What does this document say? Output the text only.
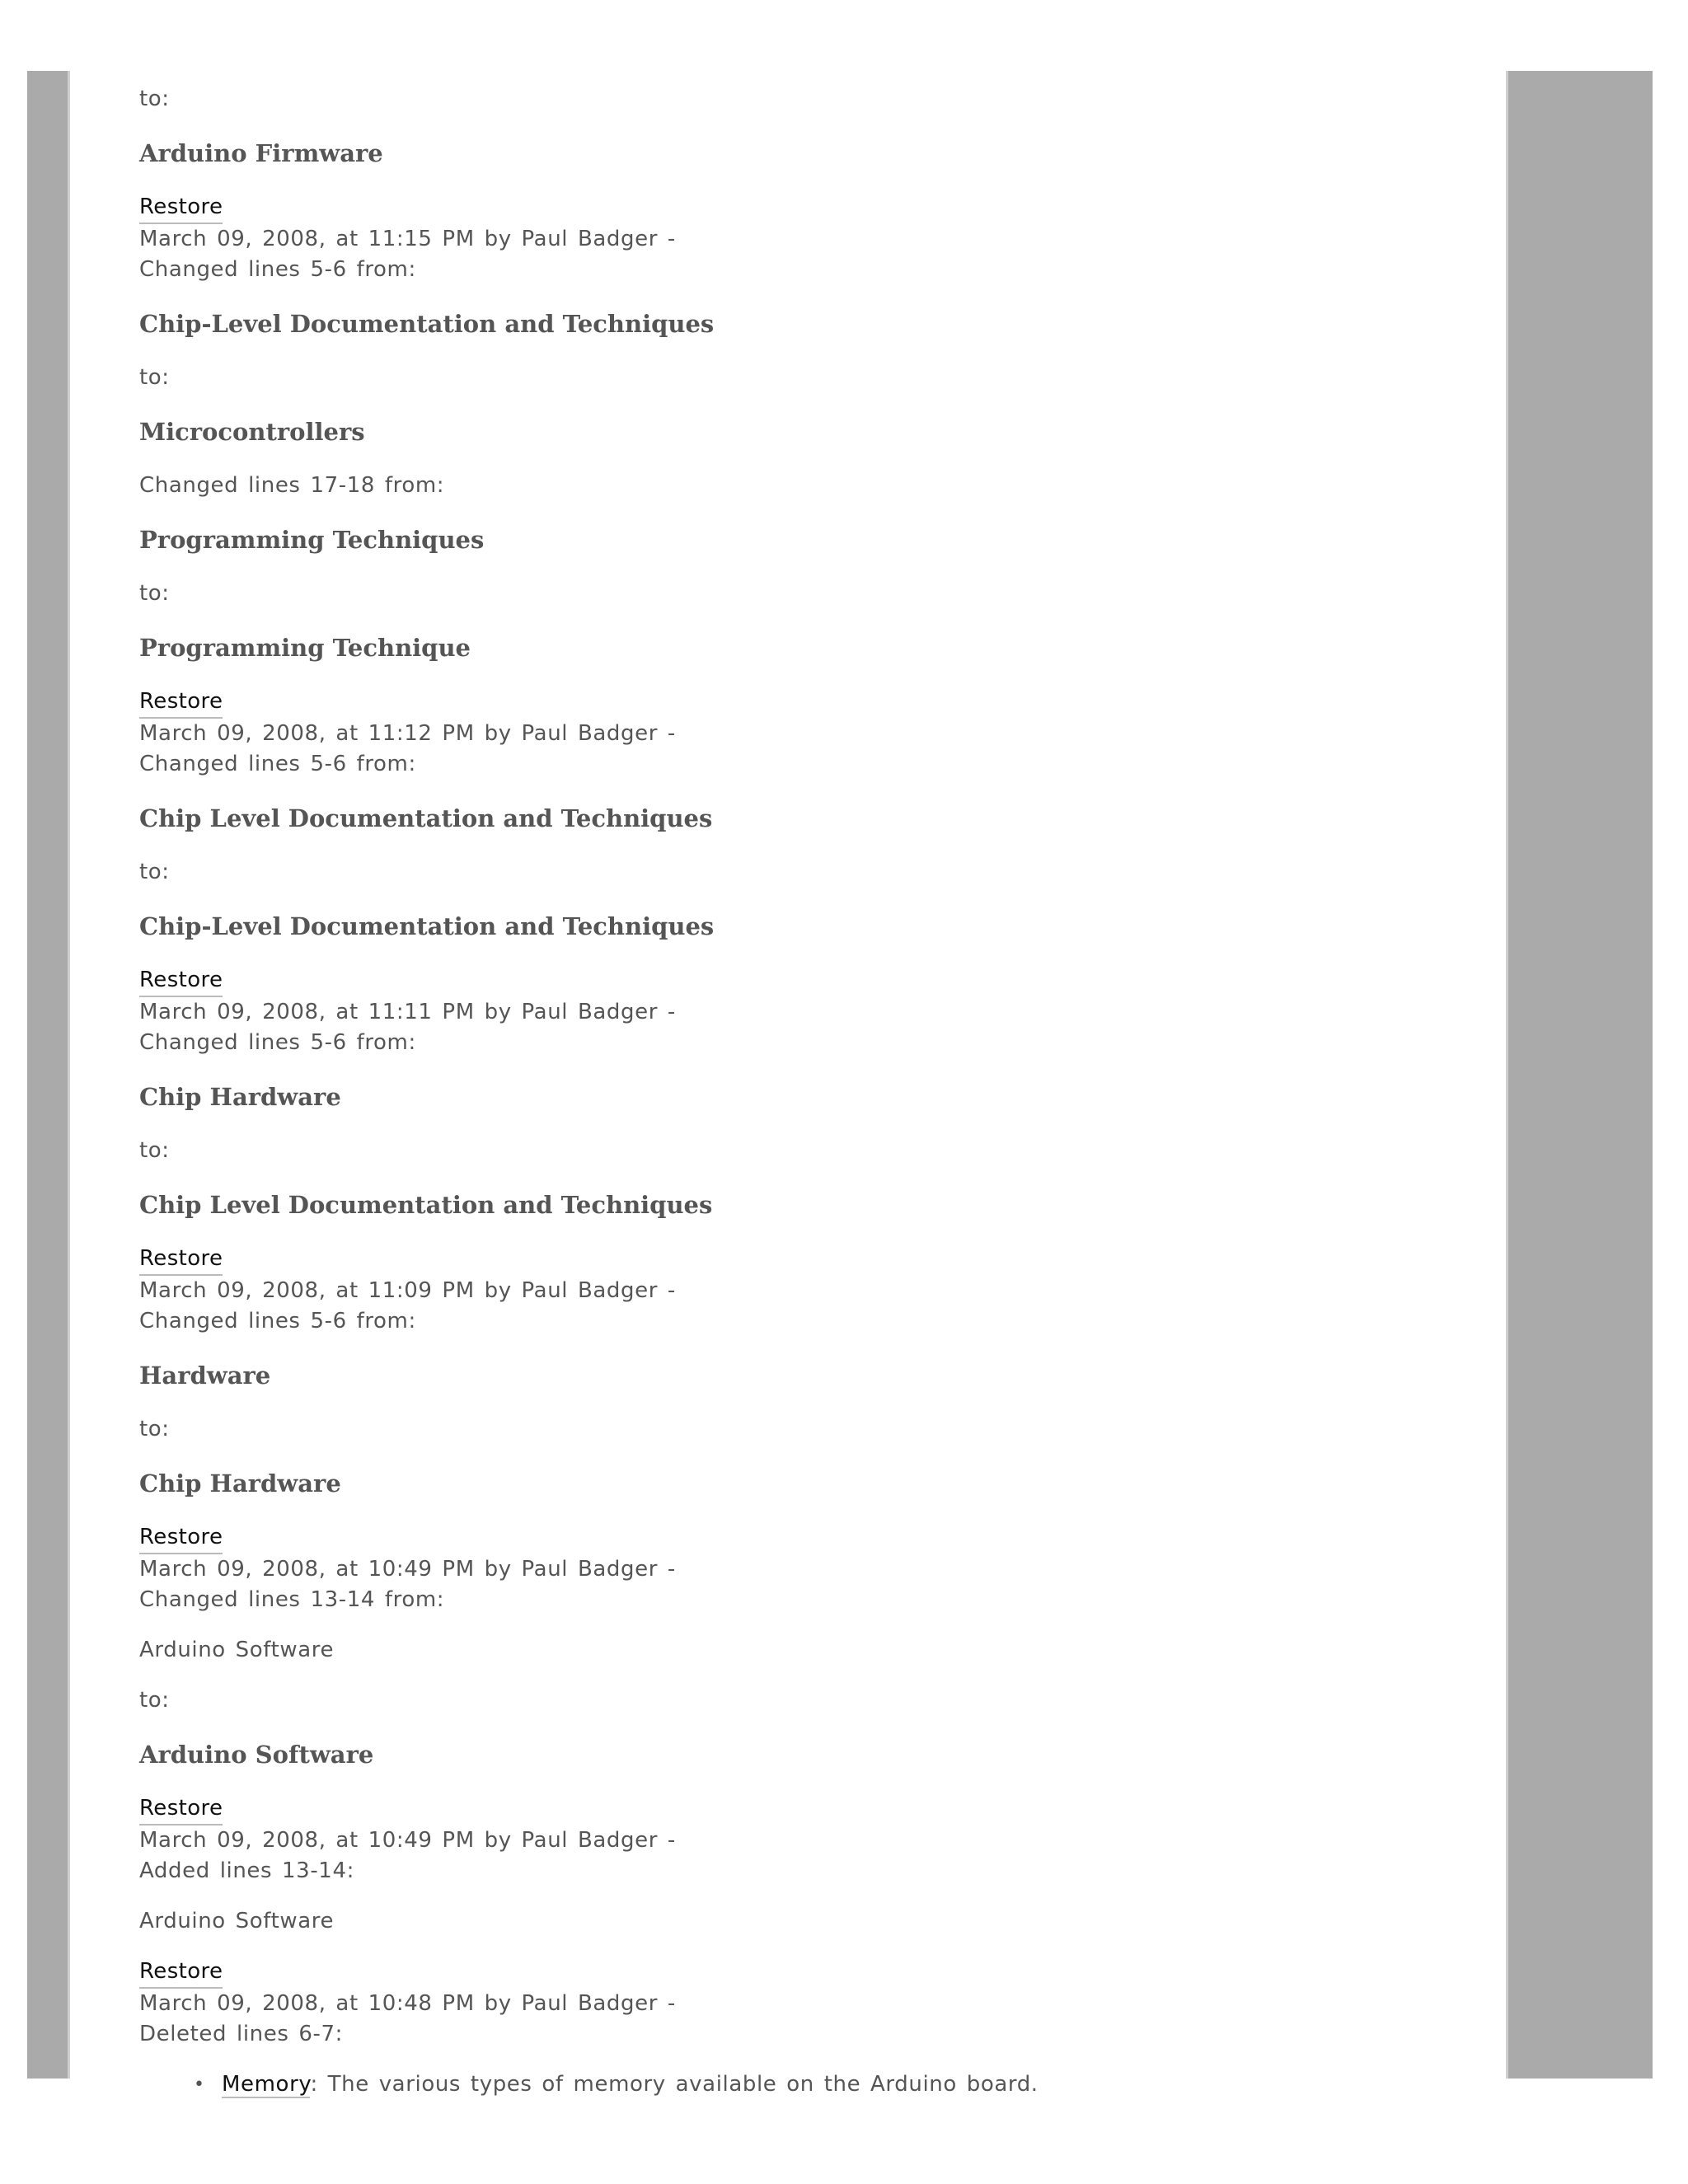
to:

Arduino Firmware
Restore

March 09, 2008, at 11:15 PM by Paul Badger -

Changed lines 5-6 from:

Chip-Level Documentation and Techniques

to:

Microcontrollers

Changed lines 17-18 from:

Programming Techniques

to:

Programming Technique
Restore

March 09, 2008, at 11:12 PM by Paul Badger -

Changed lines 5-6 from:

Chip Level Documentation and Techniques

to:

Chip-Level Documentation and Techniques
Restore

March 09, 2008, at 11:11 PM by Paul Badger -

Changed lines 5-6 from:

Chip Hardware

to:

Chip Level Documentation and Techniques
Restore

March 09, 2008, at 11:09 PM by Paul Badger -

Changed lines 5-6 from:

Hardware

to:

Chip Hardware
Restore

March 09, 2008, at 10:49 PM by Paul Badger -

Changed lines 13-14 from:

Arduino Software

to:

Arduino Software
Restore

March 09, 2008, at 10:49 PM by Paul Badger -

Added lines 13-14:

Arduino Software

Restore

March 09, 2008, at 10:48 PM by Paul Badger -

Deleted lines 6-7:

• Memory: The various types of memory available on the Arduino board.
